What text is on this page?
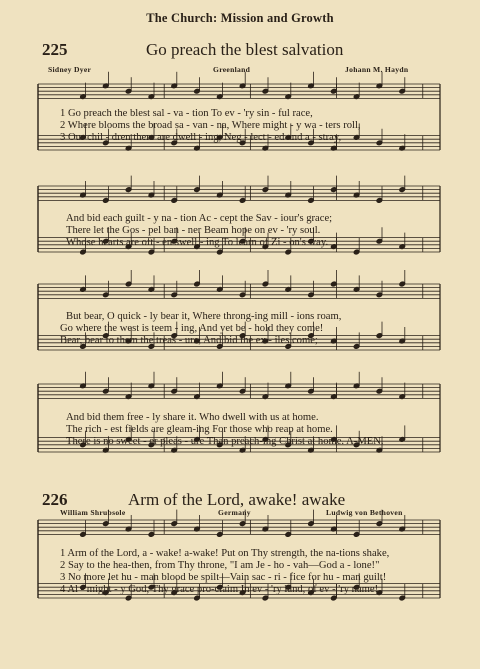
The Church: Mission and Growth
225	Go preach the blest salvation
Sidney Dyer	Greenland	Johann M. Haydn
1 Go preach the blest sal - va - tion To ev - 'ry sin - ful race,
2 Where blooms the broad sa - van - na, Where might - y wa - ters roll,
3 Our chil - dren there are dwell - ing, Neg - lect - ed and a - stray,
And bid each guilt - y na - tion Ac - cept the Sav - iour's grace;
There let the Gos - pel ban - ner Beam hope on ev - 'ry soul.
Whose hearts are oft - en swell - ing To learn of Zi - on's way.
But bear, O quick - ly bear it, Where throng-ing mill - ions roam,
Go where the west is teem - ing, And yet be - hold they come!
Bear, bear to them the treas - ure, And bid the ex - iles come;
And bid them free - ly share it. Who dwell with us at home.
The rich - est fields are gleam-ing For those who reap at home.
There is no sweet - er pleas - ure Than preach-ing Christ at home. A-MEN.
226	Arm of the Lord, awake! awake
William Shrubsole	Germany	Ludwig von Bethoven
1 Arm of the Lord, a - wake! a-wake! Put on Thy strength, the na-tions shake,
2 Say to the hea-then, from Thy throne, "I am Je - ho - vah—God a - lone!"
3 No more let hu - man blood be spilt—Vain sac - ri - fice for hu - man guilt!
4 Al - might - y God, Thy grace pro-claim In ev - 'ry land, of ev - 'ry name!
